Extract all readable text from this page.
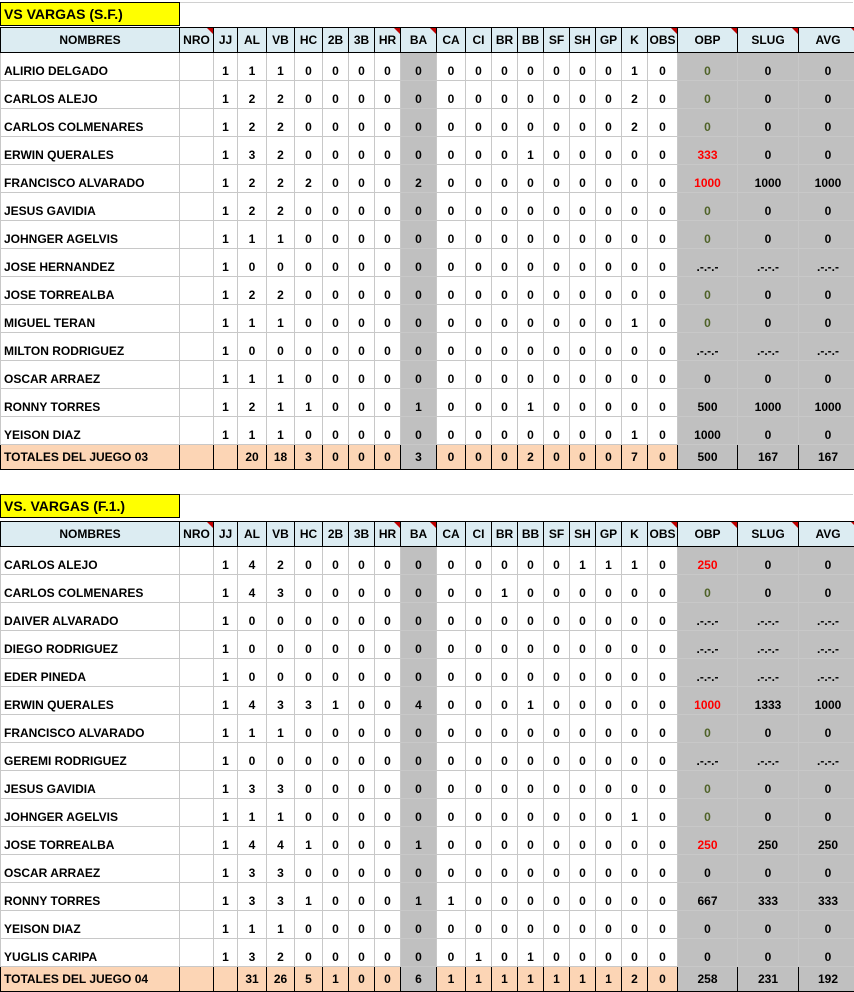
VS VARGAS (S.F.)
NOMBRES	NRO	JJ	AL	VB	HC	2B	3B	HR	BA	CA	CI	BR	BB	SF	SH	GP	K	OBS	OBP	SLUG	AVG
ALIRIO DELGADO		1	1	1	0	0	0	0	0	0	0	0	0	0	0	0	1	0	0	0	0
CARLOS ALEJO		1	2	2	0	0	0	0	0	0	0	0	0	0	0	0	2	0	0	0	0
CARLOS COLMENARES		1	2	2	0	0	0	0	0	0	0	0	0	0	0	0	2	0	0	0	0
ERWIN QUERALES		1	3	2	0	0	0	0	0	0	0	0	1	0	0	0	0	0	333	0	0
FRANCISCO ALVARADO		1	2	2	2	0	0	0	2	0	0	0	0	0	0	0	0	0	1000	1000	1000
JESUS GAVIDIA		1	2	2	0	0	0	0	0	0	0	0	0	0	0	0	0	0	0	0	0
JOHNGER AGELVIS		1	1	1	0	0	0	0	0	0	0	0	0	0	0	0	0	0	0	0	0
JOSE HERNANDEZ		1	0	0	0	0	0	0	0	0	0	0	0	0	0	0	0	0	.-.-.-	.-.-.-	.-.-.-
JOSE TORREALBA		1	2	2	0	0	0	0	0	0	0	0	0	0	0	0	0	0	0	0	0
MIGUEL TERAN		1	1	1	0	0	0	0	0	0	0	0	0	0	0	0	1	0	0	0	0
MILTON RODRIGUEZ		1	0	0	0	0	0	0	0	0	0	0	0	0	0	0	0	0	.-.-.-	.-.-.-	.-.-.-
OSCAR ARRAEZ		1	1	1	0	0	0	0	0	0	0	0	0	0	0	0	0	0	0	0	0
RONNY TORRES		1	2	1	1	0	0	0	1	0	0	0	1	0	0	0	0	0	500	1000	1000
YEISON DIAZ		1	1	1	0	0	0	0	0	0	0	0	0	0	0	0	1	0	1000	0	0
TOTALES DEL JUEGO 03			20	18	3	0	0	0	3	0	0	0	2	0	0	0	7	0	500	167	167
VS. VARGAS (F.1.)
NOMBRES	NRO	JJ	AL	VB	HC	2B	3B	HR	BA	CA	CI	BR	BB	SF	SH	GP	K	OBS	OBP	SLUG	AVG
CARLOS ALEJO		1	4	2	0	0	0	0	0	0	0	0	0	0	1	1	1	0	250	0	0
CARLOS COLMENARES		1	4	3	0	0	0	0	0	0	0	1	0	0	0	0	0	0	0	0	0
DAIVER ALVARADO		1	0	0	0	0	0	0	0	0	0	0	0	0	0	0	0	0	.-.-.-	.-.-.-	.-.-.-
DIEGO RODRIGUEZ		1	0	0	0	0	0	0	0	0	0	0	0	0	0	0	0	0	.-.-.-	.-.-.-	.-.-.-
EDER PINEDA		1	0	0	0	0	0	0	0	0	0	0	0	0	0	0	0	0	.-.-.-	.-.-.-	.-.-.-
ERWIN QUERALES		1	4	3	3	1	0	0	4	0	0	0	1	0	0	0	0	0	1000	1333	1000
FRANCISCO ALVARADO		1	1	1	0	0	0	0	0	0	0	0	0	0	0	0	0	0	0	0	0
GEREMI RODRIGUEZ		1	0	0	0	0	0	0	0	0	0	0	0	0	0	0	0	0	.-.-.-	.-.-.-	.-.-.-
JESUS GAVIDIA		1	3	3	0	0	0	0	0	0	0	0	0	0	0	0	0	0	0	0	0
JOHNGER AGELVIS		1	1	1	0	0	0	0	0	0	0	0	0	0	0	0	1	0	0	0	0
JOSE TORREALBA		1	4	4	1	0	0	0	1	0	0	0	0	0	0	0	0	0	250	250	250
OSCAR ARRAEZ		1	3	3	0	0	0	0	0	0	0	0	0	0	0	0	0	0	0	0	0
RONNY TORRES		1	3	3	1	0	0	0	1	1	0	0	0	0	0	0	0	0	667	333	333
YEISON DIAZ		1	1	1	0	0	0	0	0	0	0	0	0	0	0	0	0	0	0	0	0
YUGLIS CARIPA		1	3	2	0	0	0	0	0	0	1	0	1	0	0	0	0	0	0	0	0
TOTALES DEL JUEGO 04			31	26	5	1	0	0	6	1	1	1	1	1	1	1	2	0	258	231	192
